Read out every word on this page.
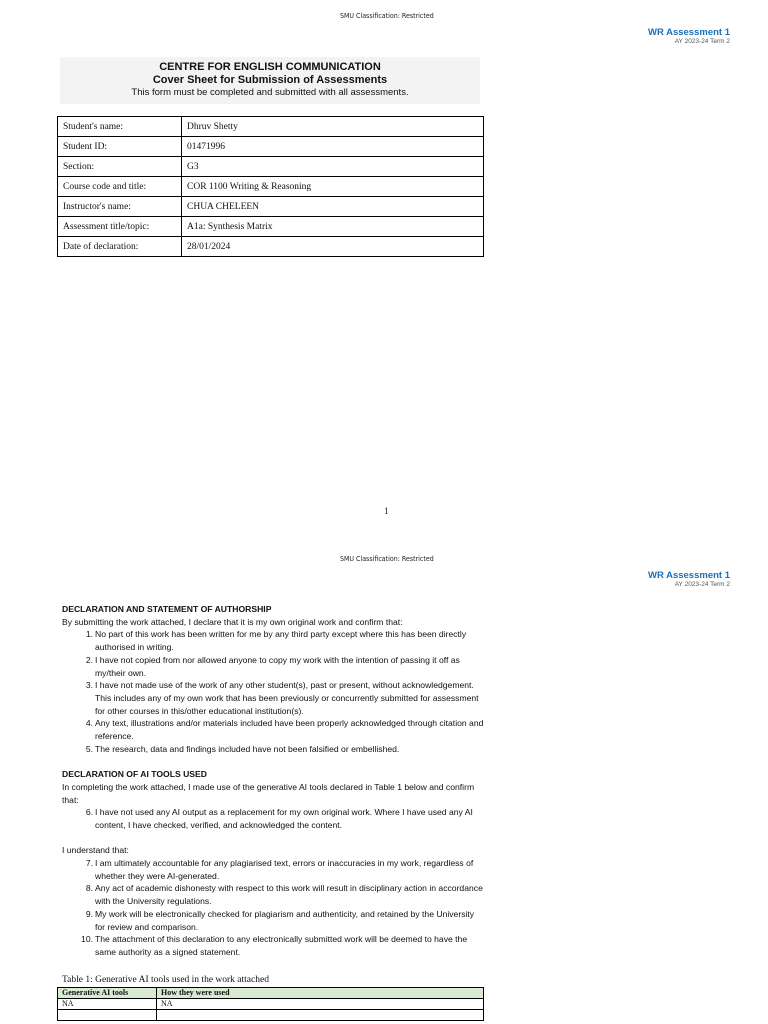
SMU Classification: Restricted
WR Assessment 1
AY 2023-24 Term 2
CENTRE FOR ENGLISH COMMUNICATION
Cover Sheet for Submission of Assessments
This form must be completed and submitted with all assessments.
Student's name:	Dhruv Shetty
Student ID:	01471996
Section:	G3
Course code and title:	COR 1100 Writing & Reasoning
Instructor's name:	CHUA CHELEEN
Assessment title/topic:	A1a: Synthesis Matrix
Date of declaration:	28/01/2024
1
SMU Classification: Restricted
WR Assessment 1
AY 2023-24 Term 2

DECLARATION AND STATEMENT OF AUTHORSHIP

By submitting the work attached, I declare that it is my own original work and confirm that:

1. No part of this work has been written for me by any third party except where this has been directly authorised in writing.

2. I have not copied from nor allowed anyone to copy my work with the intention of passing it off as my/their own.

3. I have not made use of the work of any other student(s), past or present, without acknowledgement. This includes any of my own work that has been previously or concurrently submitted for assessment for other courses in this/other educational institution(s).

4. Any text, illustrations and/or materials included have been properly acknowledged through citation and reference.

5. The research, data and findings included have not been falsified or embellished.

DECLARATION OF AI TOOLS USED

In completing the work attached, I made use of the generative AI tools declared in Table 1 below and confirm that:

6. I have not used any AI output as a replacement for my own original work. Where I have used any AI content, I have checked, verified, and acknowledged the content.

I understand that:

7. I am ultimately accountable for any plagiarised text, errors or inaccuracies in my work, regardless of whether they were AI-generated.

8. Any act of academic dishonesty with respect to this work will result in disciplinary action in accordance with the University regulations.

9. My work will be electronically checked for plagiarism and authenticity, and retained by the University for review and comparison.

10. The attachment of this declaration to any electronically submitted work will be deemed to have the same authority as a signed statement.

Table 1: Generative AI tools used in the work attached
Generative AI tools	How they were used
NA	NA
